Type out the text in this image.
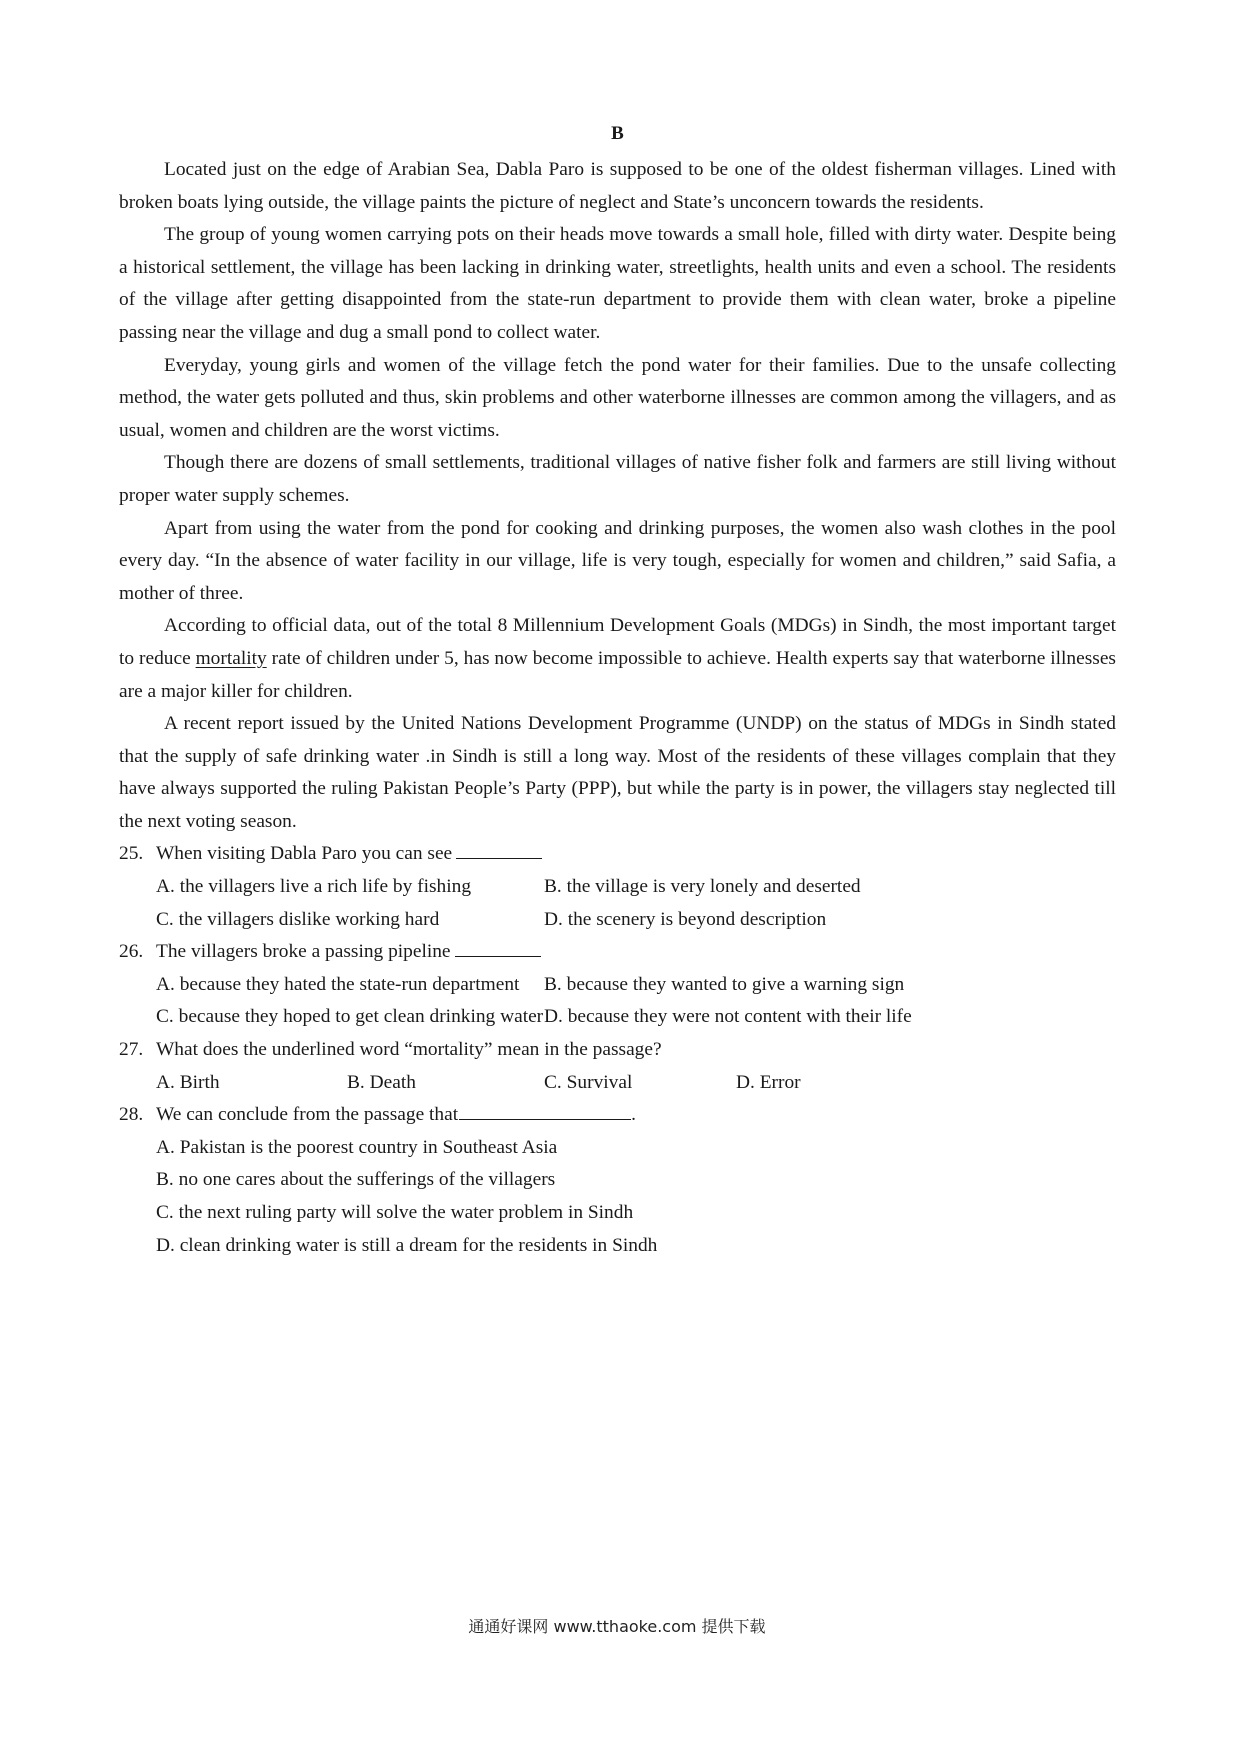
B

Located just on the edge of Arabian Sea, Dabla Paro is supposed to be one of the oldest fisherman villages. Lined with broken boats lying outside, the village paints the picture of neglect and State’s unconcern towards the residents.

The group of young women carrying pots on their heads move towards a small hole, filled with dirty water. Despite being a historical settlement, the village has been lacking in drinking water, streetlights, health units and even a school. The residents of the village after getting disappointed from the state-run department to provide them with clean water, broke a pipeline passing near the village and dug a small pond to collect water.

Everyday, young girls and women of the village fetch the pond water for their families. Due to the unsafe collecting method, the water gets polluted and thus, skin problems and other waterborne illnesses are common among the villagers, and as usual, women and children are the worst victims.

Though there are dozens of small settlements, traditional villages of native fisher folk and farmers are still living without proper water supply schemes.

Apart from using the water from the pond for cooking and drinking purposes, the women also wash clothes in the pool every day. “In the absence of water facility in our village, life is very tough, especially for women and children,” said Safia, a mother of three.

According to official data, out of the total 8 Millennium Development Goals (MDGs) in Sindh, the most important target to reduce mortality rate of children under 5, has now become impossible to achieve. Health experts say that waterborne illnesses are a major killer for children.

A recent report issued by the United Nations Development Programme (UNDP) on the status of MDGs in Sindh stated that the supply of safe drinking water .in Sindh is still a long way. Most of the residents of these villages complain that they have always supported the ruling Pakistan People’s Party (PPP), but while the party is in power, the villagers stay neglected till the next voting season.

25. When visiting Dabla Paro you can see
A. the villagers live a rich life by fishing	B. the village is very lonely and deserted
C. the villagers dislike working hard	D. the scenery is beyond description
26. The villagers broke a passing pipeline
A. because they hated the state-run department B. because they wanted to give a warning sign
C. because they hoped to get clean drinking water D. because they were not content with their life
27. What does the underlined word “mortality” mean in the passage?
A. Birth	B. Death	C. Survival	D. Error
28. We can conclude from the passage that	.
A. Pakistan is the poorest country in Southeast Asia
B. no one cares about the sufferings of the villagers
C. the next ruling party will solve the water problem in Sindh
D. clean drinking water is still a dream for the residents in Sindh
通通好课网 www.tthaoke.com 提供下载
